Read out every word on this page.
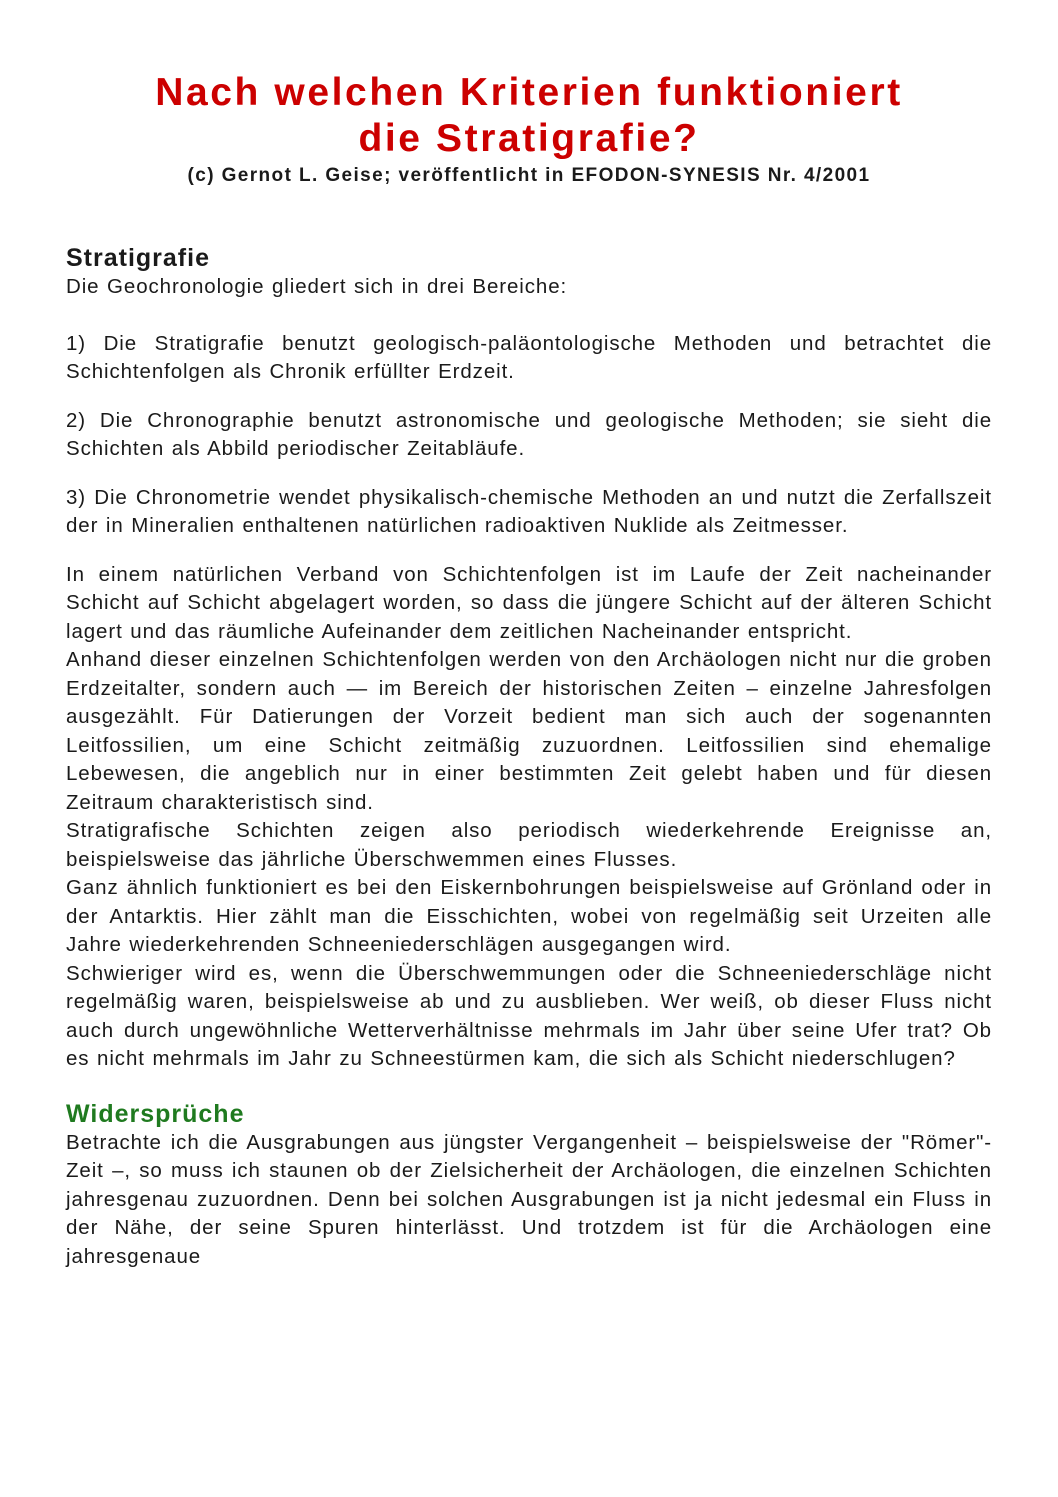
Nach welchen Kriterien funktioniert
die Stratigrafie?

(c) Gernot L. Geise; veröffentlicht in EFODON-SYNESIS Nr. 4/2001

Stratigrafie

Die Geochronologie gliedert sich in drei Bereiche:

1) Die Stratigrafie benutzt geologisch-paläontologische Methoden und betrachtet die Schichtenfolgen als Chronik erfüllter Erdzeit.

2) Die Chronographie benutzt astronomische und geologische Methoden; sie sieht die Schichten als Abbild periodischer Zeitabläufe.

3) Die Chronometrie wendet physikalisch-chemische Methoden an und nutzt die Zerfallszeit der in Mineralien enthaltenen natürlichen radioaktiven Nuklide als Zeitmesser.

In einem natürlichen Verband von Schichtenfolgen ist im Laufe der Zeit nacheinander Schicht auf Schicht abgelagert worden, so dass die jüngere Schicht auf der älteren Schicht lagert und das räumliche Aufeinander dem zeitlichen Nacheinander entspricht.

Anhand dieser einzelnen Schichtenfolgen werden von den Archäologen nicht nur die groben Erdzeitalter, sondern auch — im Bereich der historischen Zeiten – einzelne Jahresfolgen ausgezählt. Für Datierungen der Vorzeit bedient man sich auch der sogenannten Leitfossilien, um eine Schicht zeitmäßig zuzuordnen. Leitfossilien sind ehemalige Lebewesen, die angeblich nur in einer bestimmten Zeit gelebt haben und für diesen Zeitraum charakteristisch sind.

Stratigrafische Schichten zeigen also periodisch wiederkehrende Ereignisse an, beispielsweise das jährliche Überschwemmen eines Flusses.

Ganz ähnlich funktioniert es bei den Eiskernbohrungen beispielsweise auf Grönland oder in der Antarktis. Hier zählt man die Eisschichten, wobei von regelmäßig seit Urzeiten alle Jahre wiederkehrenden Schneeniederschlägen ausgegangen wird.

Schwieriger wird es, wenn die Überschwemmungen oder die Schneeniederschläge nicht regelmäßig waren, beispielsweise ab und zu ausblieben. Wer weiß, ob dieser Fluss nicht auch durch ungewöhnliche Wetterverhältnisse mehrmals im Jahr über seine Ufer trat? Ob es nicht mehrmals im Jahr zu Schneestürmen kam, die sich als Schicht niederschlugen?

Widersprüche

Betrachte ich die Ausgrabungen aus jüngster Vergangenheit – beispielsweise der "Römer"-Zeit –, so muss ich staunen ob der Zielsicherheit der Archäologen, die einzelnen Schichten jahresgenau zuzuordnen. Denn bei solchen Ausgrabungen ist ja nicht jedesmal ein Fluss in der Nähe, der seine Spuren hinterlässt. Und trotzdem ist für die Archäologen eine jahresgenaue
